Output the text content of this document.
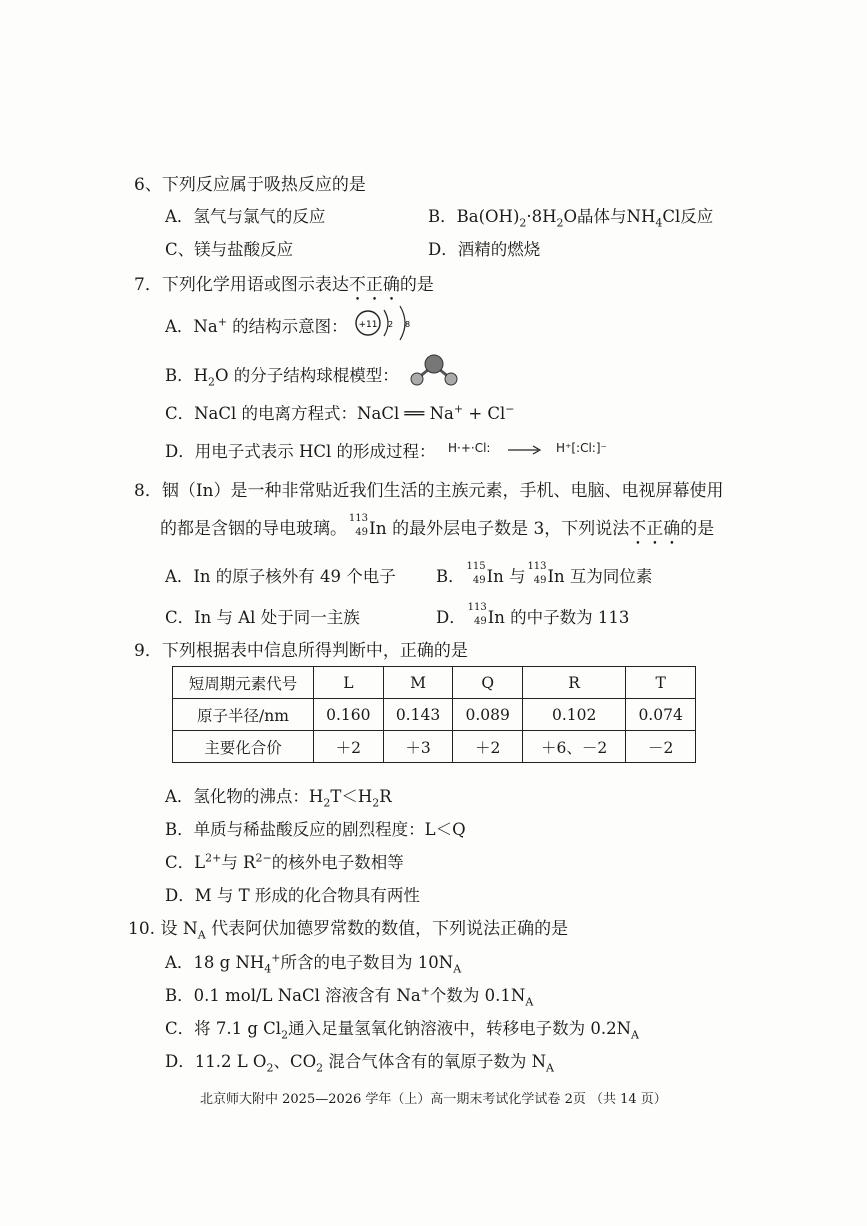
6、下列反应属于吸热反应的是
A．氢气与氯气的反应	B．$Ba(OH)_2\cdot 8H_2O$晶体与$NH_4Cl$反应
C、镁与盐酸反应	D．酒精的燃烧
7．下列化学用语或图示表达不正确的是
A．Na+ 的结构示意图： +11 2 8
B．$H_2O$ 的分子结构球棍模型：
C．NaCl 的电离方程式：NaCl ══ Na+ + Cl−
D．用电子式表示 HCl 的形成过程： H·+·Cl: → H⁺[:Cl:]⁻
8．铟（In）是一种非常贴近我们生活的主族元素，手机、电脑、电视屏幕使用
的都是含铟的导电玻璃。
113
49 In 的最外层电子数是 3，下列说法不正确的是
A．In 的原子核外有 49 个电子 B．
115
49 In 与
113
49 In 互为同位素
C．In 与 Al 处于同一主族	D．
113
49 In 的中子数为 113
9．下列根据表中信息所得判断中，正确的是
短周期元素代号	L	M	Q	R	T
原子半径/nm	0.160	0.143	0.089	0.102	0.074
主要化合价	＋2	＋3	＋2	＋6、－2	－2
A．氢化物的沸点：$H_2T<H_2R$
B．单质与稀盐酸反应的剧烈程度：L＜Q
C．$L^{2+}$与 $R^{2-}$的核外电子数相等
D．M 与 T 形成的化合物具有两性
10. 设 $N_A$ 代表阿伏加德罗常数的数值，下列说法正确的是
A．18 g $NH_4^+$所含的电子数目为 $10N_A$
B．0.1 mol/L NaCl 溶液含有 Na+个数为 $0.1N_A$
C．将 7.1 g $Cl_2$通入足量氢氧化钠溶液中，转移电子数为 $0.2N_A$
D．11.2 L $O_2$、$CO_2$ 混合气体含有的氧原子数为 $N_A$
北京师大附中 2025—2026 学年（上）高一期末考试化学试卷 2页 （共 14 页）
